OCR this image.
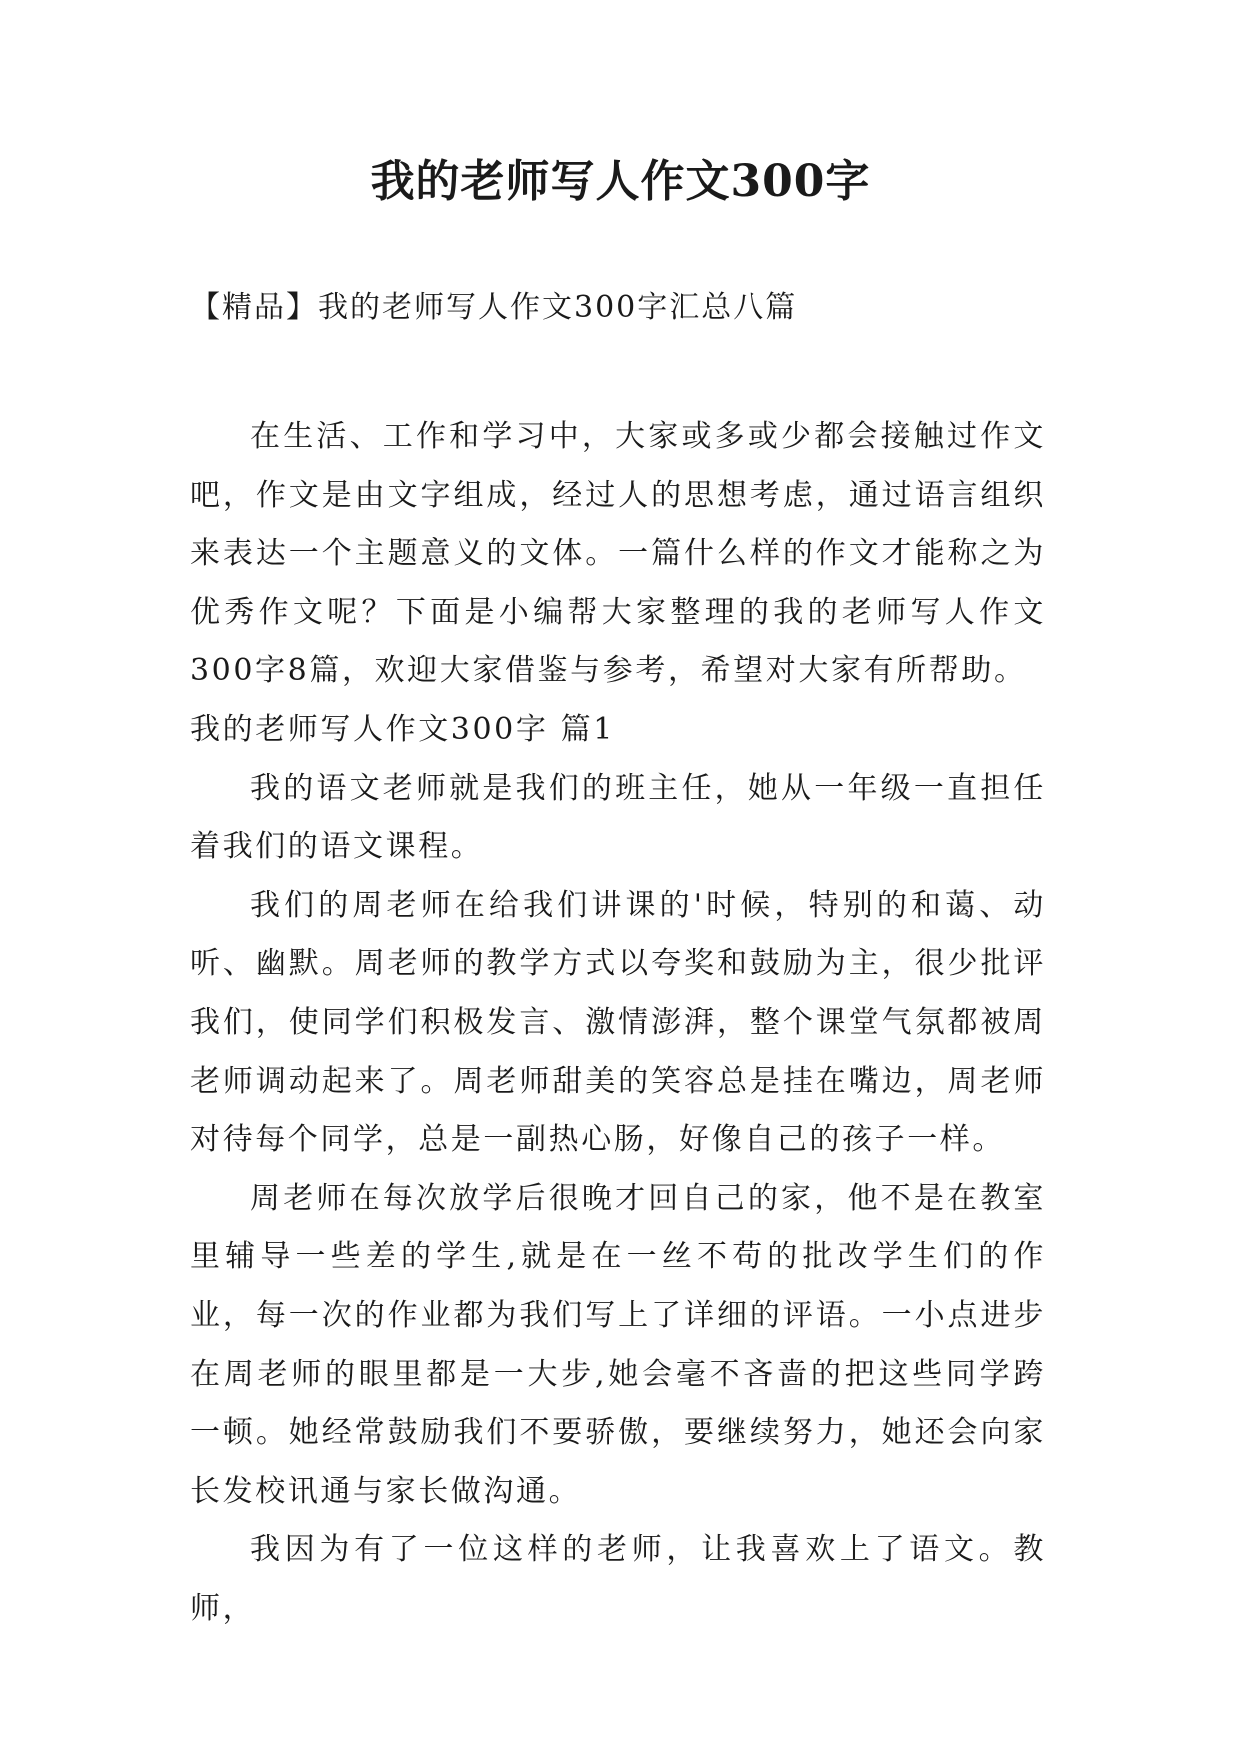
我的老师写人作文300字

【精品】我的老师写人作文300字汇总八篇

在生活、工作和学习中，大家或多或少都会接触过作文吧，作文是由文字组成，经过人的思想考虑，通过语言组织来表达一个主题意义的文体。一篇什么样的作文才能称之为优秀作文呢？下面是小编帮大家整理的我的老师写人作文300字8篇，欢迎大家借鉴与参考，希望对大家有所帮助。

我的老师写人作文300字 篇1

我的语文老师就是我们的班主任，她从一年级一直担任着我们的语文课程。

我们的周老师在给我们讲课的'时候，特别的和蔼、动听、幽默。周老师的教学方式以夸奖和鼓励为主，很少批评我们，使同学们积极发言、激情澎湃，整个课堂气氛都被周老师调动起来了。周老师甜美的笑容总是挂在嘴边，周老师对待每个同学，总是一副热心肠，好像自己的孩子一样。

周老师在每次放学后很晚才回自己的家，他不是在教室里辅导一些差的学生,就是在一丝不苟的批改学生们的作业，每一次的作业都为我们写上了详细的评语。一小点进步在周老师的眼里都是一大步,她会毫不吝啬的把这些同学跨一顿。她经常鼓励我们不要骄傲，要继续努力，她还会向家长发校讯通与家长做沟通。

我因为有了一位这样的老师，让我喜欢上了语文。教师，
